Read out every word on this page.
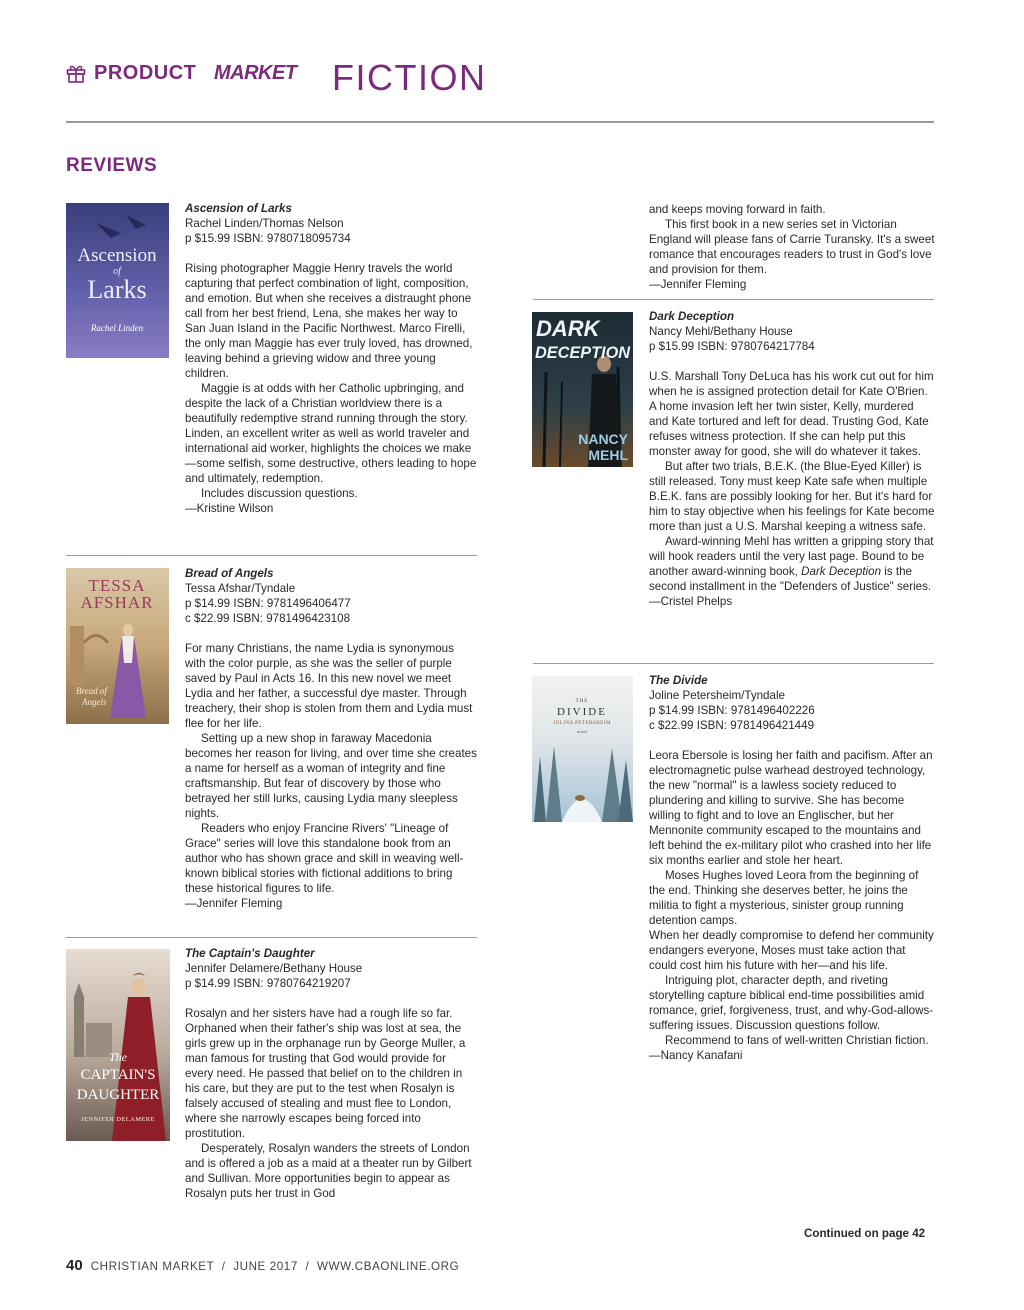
PRODUCT MARKET FICTION
REVIEWS
Ascension
of
Larks
Rachel Linden
Ascension of Larks
Rachel Linden/Thomas Nelson
p $15.99 ISBN: 9780718095734

Rising photographer Maggie Henry travels the world capturing that perfect combination of light, composition, and emotion. But when she receives a distraught phone call from her best friend, Lena, she makes her way to San Juan Island in the Pacific Northwest. Marco Firelli, the only man Maggie has ever truly loved, has drowned, leaving behind a grieving widow and three young children.

Maggie is at odds with her Catholic upbringing, and despite the lack of a Christian worldview there is a beautifully redemptive strand running through the story. Linden, an excellent writer as well as world traveler and international aid worker, highlights the choices we make—some selfish, some destructive, others leading to hope and ultimately, redemption.

Includes discussion questions.

—Kristine Wilson
TESSA
AFSHAR
Bread of
Angels
Bread of Angels
Tessa Afshar/Tyndale
p $14.99 ISBN: 9781496406477
c $22.99 ISBN: 9781496423108

For many Christians, the name Lydia is synonymous with the color purple, as she was the seller of purple saved by Paul in Acts 16. In this new novel we meet Lydia and her father, a successful dye master. Through treachery, their shop is stolen from them and Lydia must flee for her life.

Setting up a new shop in faraway Macedonia becomes her reason for living, and over time she creates a name for herself as a woman of integrity and fine craftsmanship. But fear of discovery by those who betrayed her still lurks, causing Lydia many sleepless nights.

Readers who enjoy Francine Rivers' "Lineage of Grace" series will love this standalone book from an author who has shown grace and skill in weaving well-known biblical stories with fictional additions to bring these historical figures to life.

—Jennifer Fleming
The
CAPTAIN'S
DAUGHTER
JENNIFER DELAMERE
The Captain's Daughter
Jennifer Delamere/Bethany House
p $14.99 ISBN: 9780764219207

Rosalyn and her sisters have had a rough life so far. Orphaned when their father's ship was lost at sea, the girls grew up in the orphanage run by George Muller, a man famous for trusting that God would provide for every need. He passed that belief on to the children in his care, but they are put to the test when Rosalyn is falsely accused of stealing and must flee to London, where she narrowly escapes being forced into prostitution.

Desperately, Rosalyn wanders the streets of London and is offered a job as a maid at a theater run by Gilbert and Sullivan. More opportunities begin to appear as Rosalyn puts her trust in God

and keeps moving forward in faith.

This first book in a new series set in Victorian England will please fans of Carrie Turansky. It's a sweet romance that encourages readers to trust in God's love and provision for them.

—Jennifer Fleming
DARK
DECEPTION
NANCY
MEHL
Dark Deception
Nancy Mehl/Bethany House
p $15.99 ISBN: 9780764217784

U.S. Marshall Tony DeLuca has his work cut out for him when he is assigned protection detail for Kate O'Brien. A home invasion left her twin sister, Kelly, murdered and Kate tortured and left for dead. Trusting God, Kate refuses witness protection. If she can help put this monster away for good, she will do whatever it takes.

But after two trials, B.E.K. (the Blue-Eyed Killer) is still released. Tony must keep Kate safe when multiple B.E.K. fans are possibly looking for her. But it's hard for him to stay objective when his feelings for Kate become more than just a U.S. Marshal keeping a witness safe.

Award-winning Mehl has written a gripping story that will hook readers until the very last page. Bound to be another award-winning book, Dark Deception is the second installment in the "Defenders of Justice" series.

—Cristel Phelps
THE
DIVIDE
JOLINA PETERSHEIM
novel
The Divide
Joline Petersheim/Tyndale
p $14.99 ISBN: 9781496402226
c $22.99 ISBN: 9781496421449

Leora Ebersole is losing her faith and pacifism. After an electromagnetic pulse warhead destroyed technology, the new "normal" is a lawless society reduced to plundering and killing to survive. She has become willing to fight and to love an Englischer, but her Mennonite community escaped to the mountains and left behind the ex-military pilot who crashed into her life six months earlier and stole her heart.

Moses Hughes loved Leora from the beginning of the end. Thinking she deserves better, he joins the militia to fight a mysterious, sinister group running detention camps.

When her deadly compromise to defend her community endangers everyone, Moses must take action that could cost him his future with her—and his life.

Intriguing plot, character depth, and riveting storytelling capture biblical end-time possibilities amid romance, grief, forgiveness, trust, and why-God-allows-suffering issues. Discussion questions follow.

Recommend to fans of well-written Christian fiction.

—Nancy Kanafani
Continued on page 42
40 CHRISTIAN MARKET  /  JUNE 2017  /  WWW.CBAONLINE.ORG
